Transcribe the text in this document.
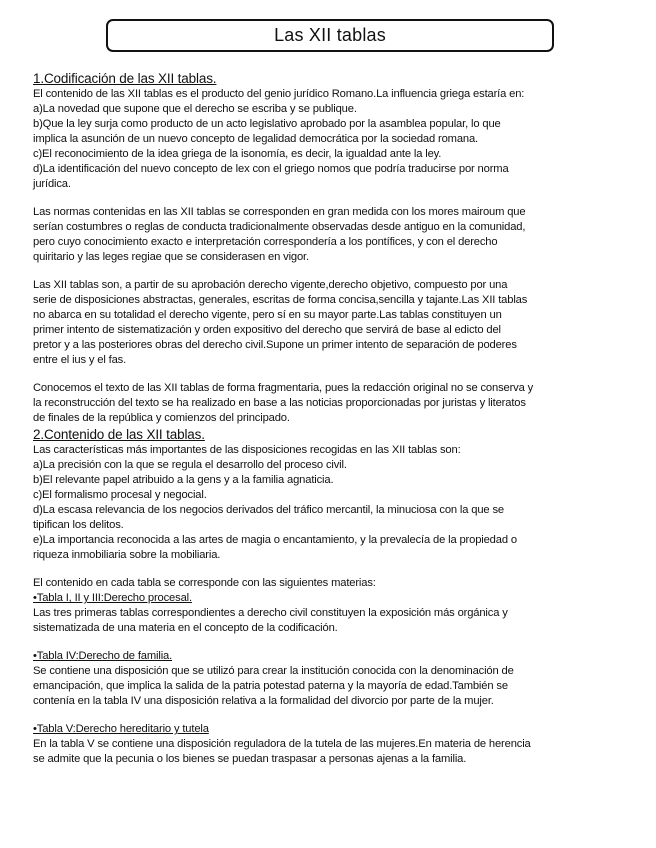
Las XII tablas

1.Codificación de las XII tablas.

El contenido de las XII tablas es el producto del genio jurídico Romano.La influencia griega estaría en:

a)La novedad que supone que el derecho se escriba y se publique.

b)Que la ley surja como producto de un acto legislativo aprobado por la asamblea popular, lo que

implica la asunción de un nuevo concepto de legalidad democrática por la sociedad romana.

c)El reconocimiento de la idea griega de la isonomía, es decir, la igualdad ante la ley.

d)La identificación del nuevo concepto de lex con el griego nomos que podría traducirse por norma

jurídica.

Las normas contenidas en las XII tablas se corresponden en gran medida con los mores mairoum que

serían costumbres o reglas de conducta tradicionalmente observadas desde antiguo en la comunidad,

pero cuyo conocimiento exacto e interpretación correspondería a los pontífices, y con el derecho

quiritario y las leges regiae que se considerasen en vigor.

Las XII tablas son, a partir de su aprobación derecho vigente,derecho objetivo, compuesto por una

serie de disposiciones abstractas, generales, escritas de forma concisa,sencilla y tajante.Las XII tablas

no abarca en su totalidad el derecho vigente, pero sí en su mayor parte.Las tablas constituyen un

primer intento de sistematización y orden expositivo del derecho que servirá de base al edicto del

pretor y a las posteriores obras del derecho civil.Supone un primer intento de separación de poderes

entre el ius y el fas.

Conocemos el texto de las XII tablas de forma fragmentaria, pues la redacción original no se conserva y

la reconstrucción del texto se ha realizado en base a las noticias proporcionadas por juristas y literatos

de finales de la república y comienzos del principado.

2.Contenido de las XII tablas.

Las características más importantes de las disposiciones recogidas en las XII tablas son:

a)La precisión con la que se regula el desarrollo del proceso civil.

b)El relevante papel atribuido a la gens y a la familia agnaticia.

c)El formalismo procesal y negocial.

d)La escasa relevancia de los negocios derivados del tráfico mercantil, la minuciosa con la que se

tipifican los delitos.

e)La importancia reconocida a las artes de magia o encantamiento, y la prevalecía de la propiedad o

riqueza inmobiliaria sobre la mobiliaria.

El contenido en cada tabla se corresponde con las siguientes materias:

•Tabla I, II y III:Derecho procesal.

Las tres primeras tablas correspondientes a derecho civil constituyen la exposición más orgánica y

sistematizada de una materia en el concepto de la codificación.

•Tabla IV:Derecho de familia.

Se contiene una disposición que se utilizó para crear la institución conocida con la denominación de

emancipación, que implica la salida de la patria potestad paterna y la mayoría de edad.También se

contenía en la tabla IV una disposición relativa a la formalidad del divorcio por parte de la mujer.

•Tabla V:Derecho hereditario y tutela

En la tabla V se contiene una disposición reguladora de la tutela de las mujeres.En materia de herencia

se admite que la pecunia o los bienes se puedan traspasar a personas ajenas a la familia.
